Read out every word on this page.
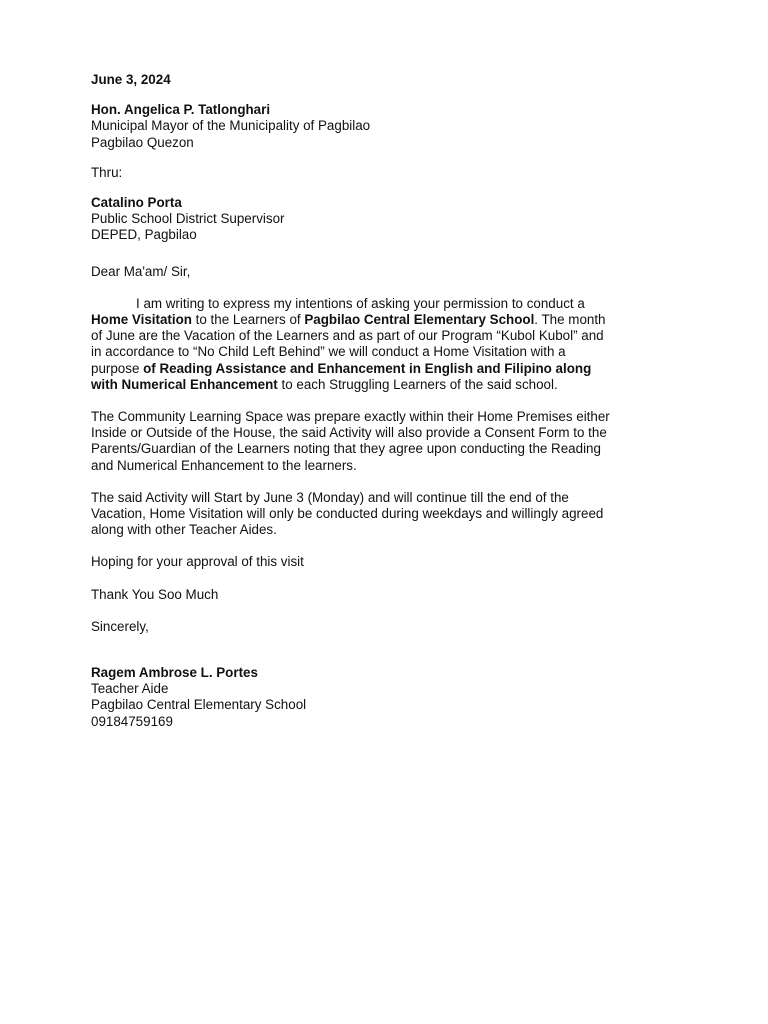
June 3, 2024
Hon. Angelica P. Tatlonghari
Municipal Mayor of the Municipality of Pagbilao
Pagbilao Quezon
Thru:
Catalino Porta
Public School District Supervisor
DEPED, Pagbilao
Dear Ma'am/ Sir,
I am writing to express my intentions of asking your permission to conduct a
Home Visitation to the Learners of Pagbilao Central Elementary School. The month
of June are the Vacation of the Learners and as part of our Program “Kubol Kubol” and
in accordance to “No Child Left Behind” we will conduct a Home Visitation with a
purpose of Reading Assistance and Enhancement in English and Filipino along
with Numerical Enhancement to each Struggling Learners of the said school.
The Community Learning Space was prepare exactly within their Home Premises either
Inside or Outside of the House, the said Activity will also provide a Consent Form to the
Parents/Guardian of the Learners noting that they agree upon conducting the Reading
and Numerical Enhancement to the learners.
The said Activity will Start by June 3 (Monday) and will continue till the end of the
Vacation, Home Visitation will only be conducted during weekdays and willingly agreed
along with other Teacher Aides.
Hoping for your approval of this visit
Thank You Soo Much
Sincerely,
Ragem Ambrose L. Portes
Teacher Aide
Pagbilao Central Elementary School
09184759169
